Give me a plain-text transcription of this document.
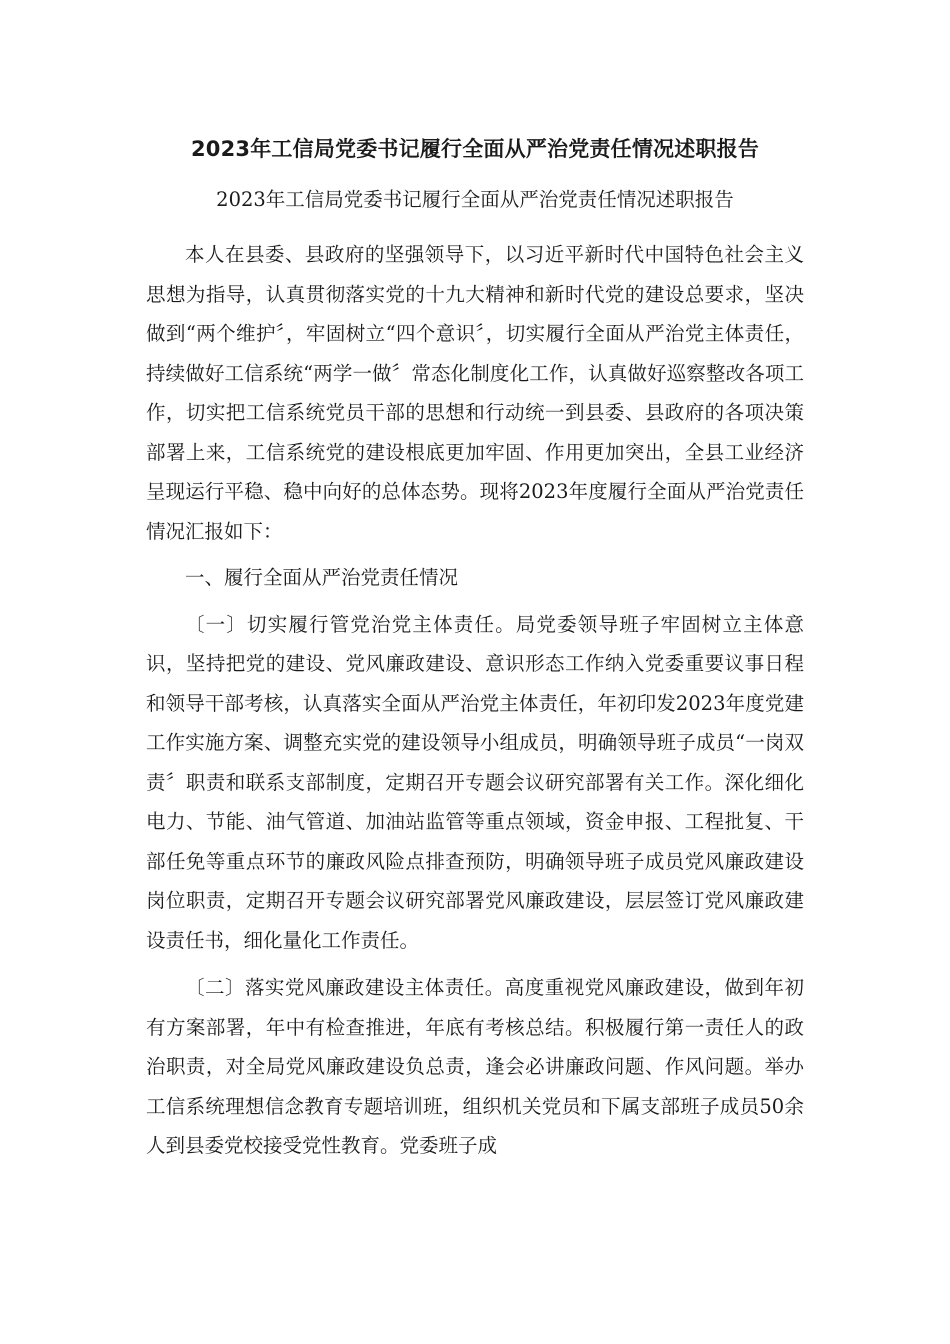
2023年工信局党委书记履行全面从严治党责任情况述职报告
2023年工信局党委书记履行全面从严治党责任情况述职报告

本人在县委、县政府的坚强领导下，以习近平新时代中国特色社会主义思想为指导，认真贯彻落实党的十九大精神和新时代党的建设总要求，坚决做到“两个维护〞，牢固树立“四个意识〞，切实履行全面从严治党主体责任，持续做好工信系统“两学一做〞常态化制度化工作，认真做好巡察整改各项工作，切实把工信系统党员干部的思想和行动统一到县委、县政府的各项决策部署上来，工信系统党的建设根底更加牢固、作用更加突出，全县工业经济呈现运行平稳、稳中向好的总体态势。现将2023年度履行全面从严治党责任情况汇报如下：

一、履行全面从严治党责任情况

〔一〕切实履行管党治党主体责任。局党委领导班子牢固树立主体意识，坚持把党的建设、党风廉政建设、意识形态工作纳入党委重要议事日程和领导干部考核，认真落实全面从严治党主体责任，年初印发2023年度党建工作实施方案、调整充实党的建设领导小组成员，明确领导班子成员“一岗双责〞职责和联系支部制度，定期召开专题会议研究部署有关工作。深化细化电力、节能、油气管道、加油站监管等重点领域，资金申报、工程批复、干部任免等重点环节的廉政风险点排查预防，明确领导班子成员党风廉政建设岗位职责，定期召开专题会议研究部署党风廉政建设，层层签订党风廉政建设责任书，细化量化工作责任。

〔二〕落实党风廉政建设主体责任。高度重视党风廉政建设，做到年初有方案部署，年中有检查推进，年底有考核总结。积极履行第一责任人的政治职责，对全局党风廉政建设负总责，逢会必讲廉政问题、作风问题。举办工信系统理想信念教育专题培训班，组织机关党员和下属支部班子成员50余人到县委党校接受党性教育。党委班子成
